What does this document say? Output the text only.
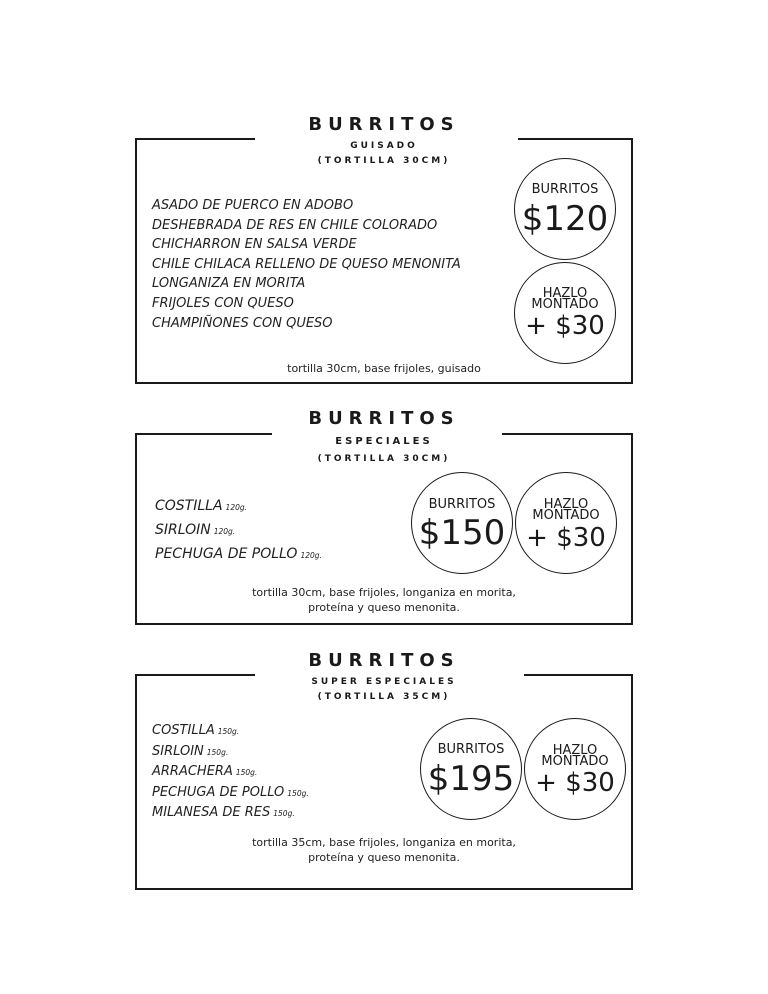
BURRITOS
GUISADO
(TORTILLA 30CM)
ASADO DE PUERCO EN ADOBO
DESHEBRADA DE RES EN CHILE COLORADO
CHICHARRON EN SALSA VERDE
CHILE CHILACA RELLENO DE QUESO MENONITA
LONGANIZA EN MORITA
FRIJOLES CON QUESO
CHAMPIÑONES CON QUESO
BURRITOS
$120
HAZLO
MONTADO
+ $30
tortilla 30cm, base frijoles, guisado
BURRITOS
ESPECIALES
(TORTILLA 30CM)
COSTILLA 120g.
SIRLOIN 120g.
PECHUGA DE POLLO 120g.
BURRITOS
$150
HAZLO
MONTADO
+ $30
tortilla 30cm, base frijoles, longaniza en morita,
proteína y queso menonita.
BURRITOS
SUPER ESPECIALES
(TORTILLA 35CM)
COSTILLA 150g.
SIRLOIN 150g.
ARRACHERA 150g.
PECHUGA DE POLLO 150g.
MILANESA DE RES 150g.
BURRITOS
$195
HAZLO
MONTADO
+ $30
tortilla 35cm, base frijoles, longaniza en morita,
proteína y queso menonita.
